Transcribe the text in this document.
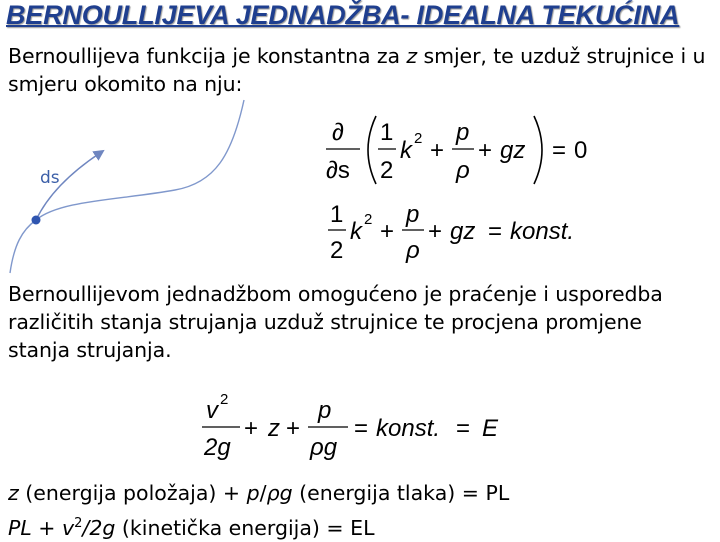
BERNOULLIJEVA JEDNADŽBA- IDEALNA TEKUĆINA
Bernoullijeva funkcija je konstantna za z smjer, te uzduž strujnice i u smjeru okomito na nju:
ds
∂
∂s
1
2
k 2 +
p
ρ
+ gz = 0
1
2
k 2 +
p
ρ
+ gz = konst.
Bernoullijevom jednadžbom omogućeno je praćenje i usporedba različitih stanja strujanja uzduž strujnice te procjena promjene stanja strujanja.
v 2
2g
+ z +
p
ρg
= konst. = E
z (energija položaja) + p/ρg (energija tlaka) = PL
PL + $v^2/2g$ (kinetička energija) = EL
